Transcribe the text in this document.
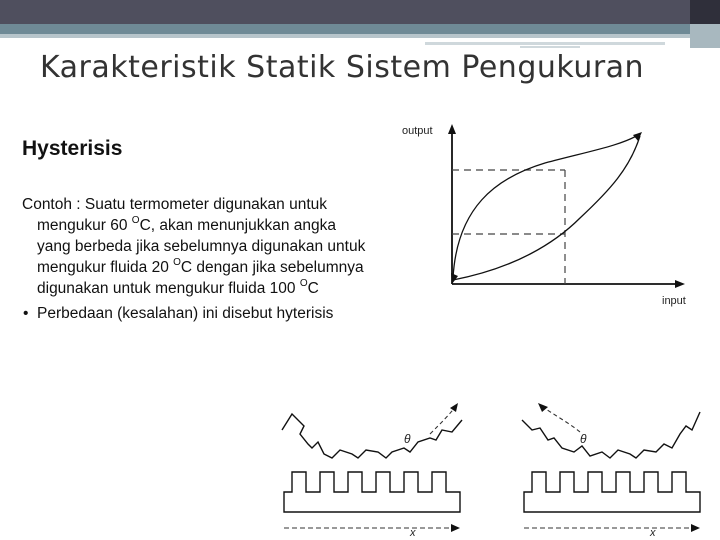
Karakteristik Statik Sistem Pengukuran
Hysterisis

Contoh : Suatu termometer digunakan untuk mengukur 60 $^O$C, akan menunjukkan angka yang berbeda jika sebelumnya digunakan untuk mengukur fluida 20 $^O$C dengan jika sebelumnya digunakan untuk mengukur fluida 100 $^O$C

• Perbedaan (kesalahan) ini disebut hyterisis

output
input
θ
x
θ
x
